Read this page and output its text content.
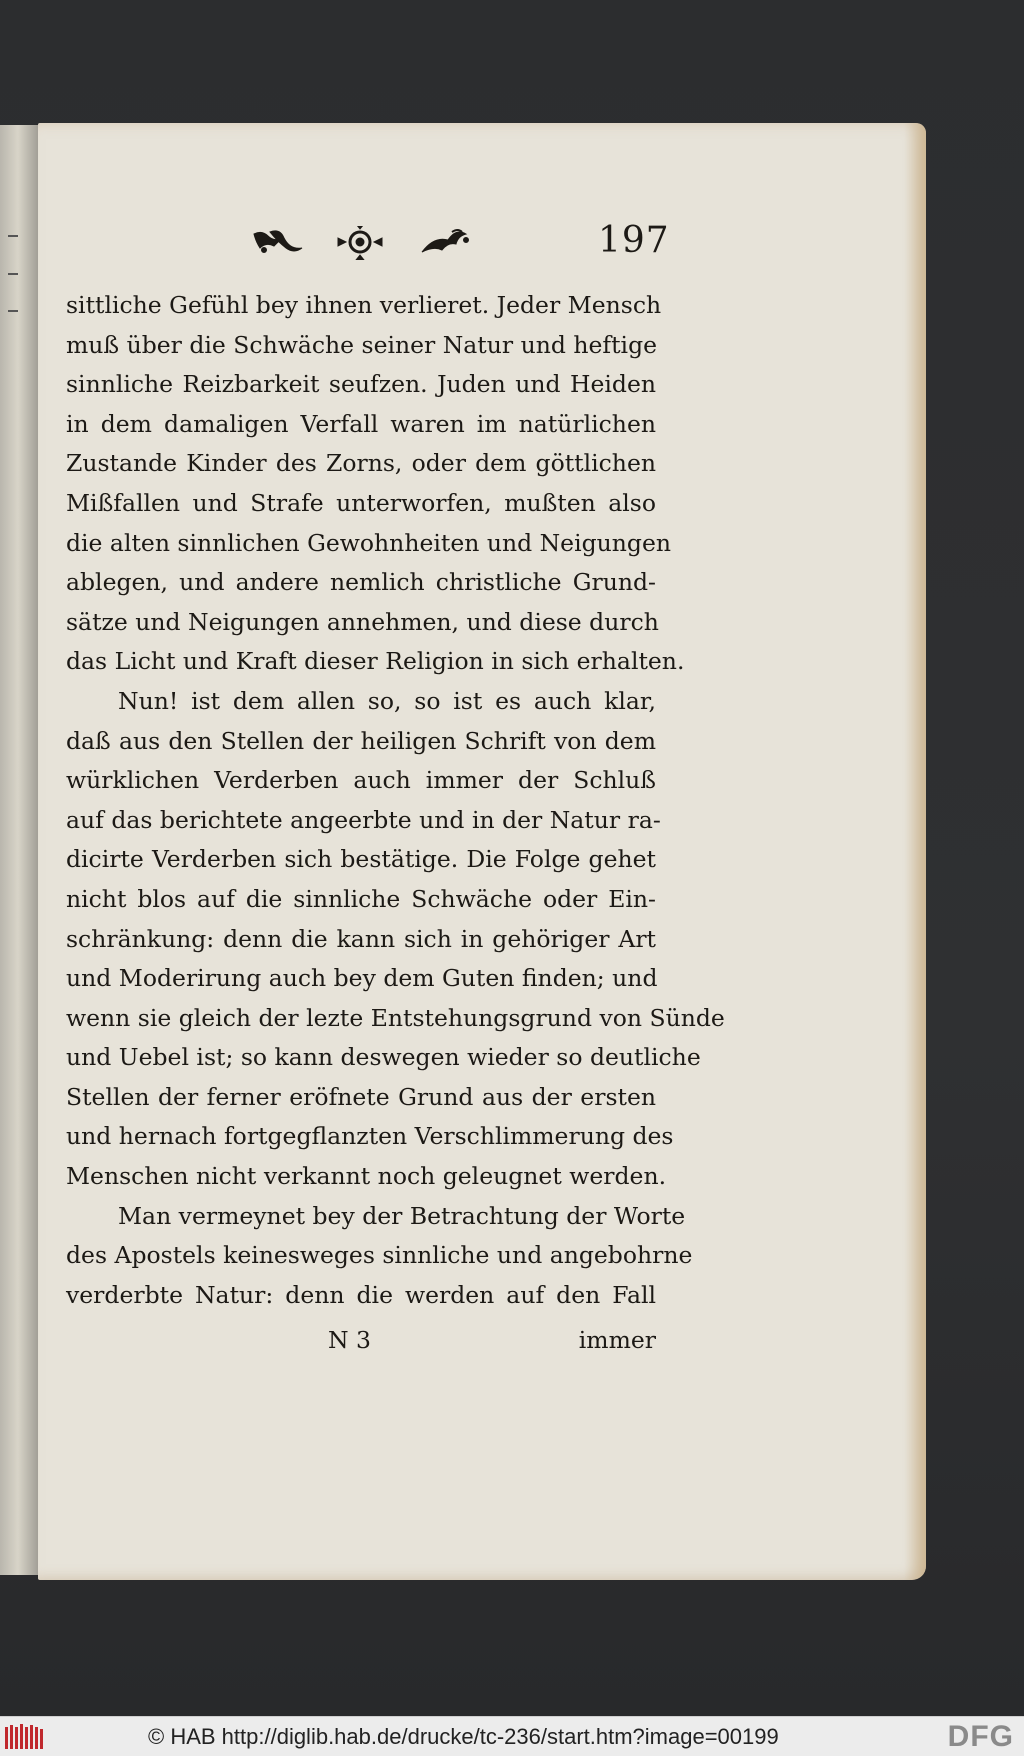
197
sittliche Gefühl bey ihnen verlieret. Jeder Mensch
muß über die Schwäche seiner Natur und heftige
sinnliche Reizbarkeit seufzen. Juden und Heiden
in dem damaligen Verfall waren im natürlichen
Zustande Kinder des Zorns, oder dem göttlichen
Mißfallen und Strafe unterworfen, mußten also
die alten sinnlichen Gewohnheiten und Neigungen
ablegen, und andere nemlich christliche Grund-
sätze und Neigungen annehmen, und diese durch
das Licht und Kraft dieser Religion in sich erhalten.
Nun! ist dem allen so, so ist es auch klar,
daß aus den Stellen der heiligen Schrift von dem
würklichen Verderben auch immer der Schluß
auf das berichtete angeerbte und in der Natur ra-
dicirte Verderben sich bestätige. Die Folge gehet
nicht blos auf die sinnliche Schwäche oder Ein-
schränkung: denn die kann sich in gehöriger Art
und Moderirung auch bey dem Guten finden; und
wenn sie gleich der lezte Entstehungsgrund von Sünde
und Uebel ist; so kann deswegen wieder so deutliche
Stellen der ferner eröfnete Grund aus der ersten
und hernach fortgegflanzten Verschlimmerung des
Menschen nicht verkannt noch geleugnet werden.
Man vermeynet bey der Betrachtung der Worte
des Apostels keinesweges sinnliche und angebohrne
verderbte Natur: denn die werden auf den Fall
N 3	immer
© HAB http://diglib.hab.de/drucke/tc-236/start.htm?image=00199	DFG
